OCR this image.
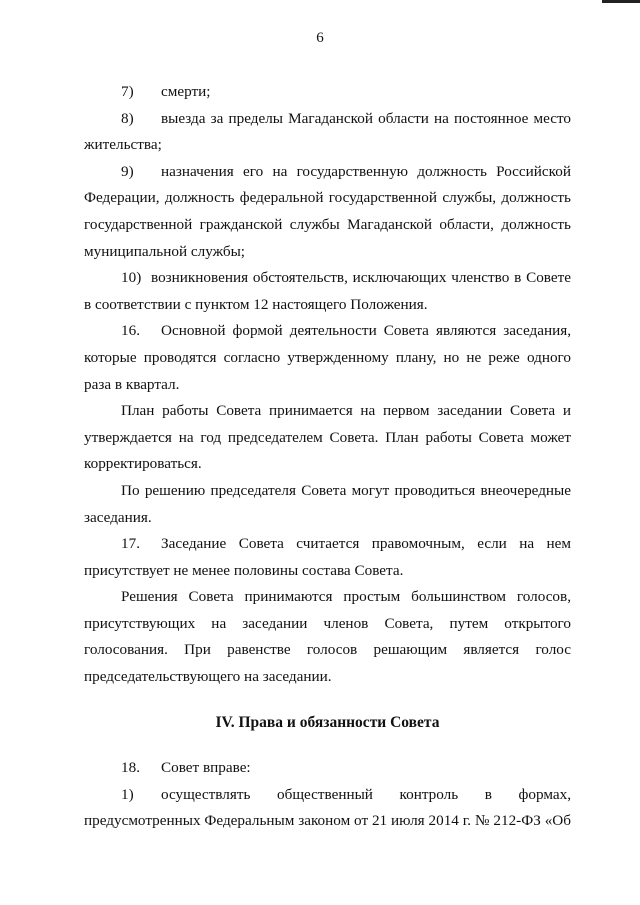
6

7) смерти;

8) выезда за пределы Магаданской области на постоянное место жительства;

9) назначения его на государственную должность Российской Федерации, должность федеральной государственной службы, должность государственной гражданской службы Магаданской области, должность муниципальной службы;

10) возникновения обстоятельств, исключающих членство в Совете в соответствии с пунктом 12 настоящего Положения.

16. Основной формой деятельности Совета являются заседания, которые проводятся согласно утвержденному плану, но не реже одного раза в квартал.

План работы Совета принимается на первом заседании Совета и утверждается на год председателем Совета. План работы Совета может корректироваться.

По решению председателя Совета могут проводиться внеочередные заседания.

17. Заседание Совета считается правомочным, если на нем присутствует не менее половины состава Совета.

Решения Совета принимаются простым большинством голосов, присутствующих на заседании членов Совета, путем открытого голосования. При равенстве голосов решающим является голос председательствующего на заседании.

IV. Права и обязанности Совета

18. Совет вправе:

1) осуществлять общественный контроль в формах, предусмотренных Федеральным законом от 21 июля 2014 г. № 212-ФЗ «Об
